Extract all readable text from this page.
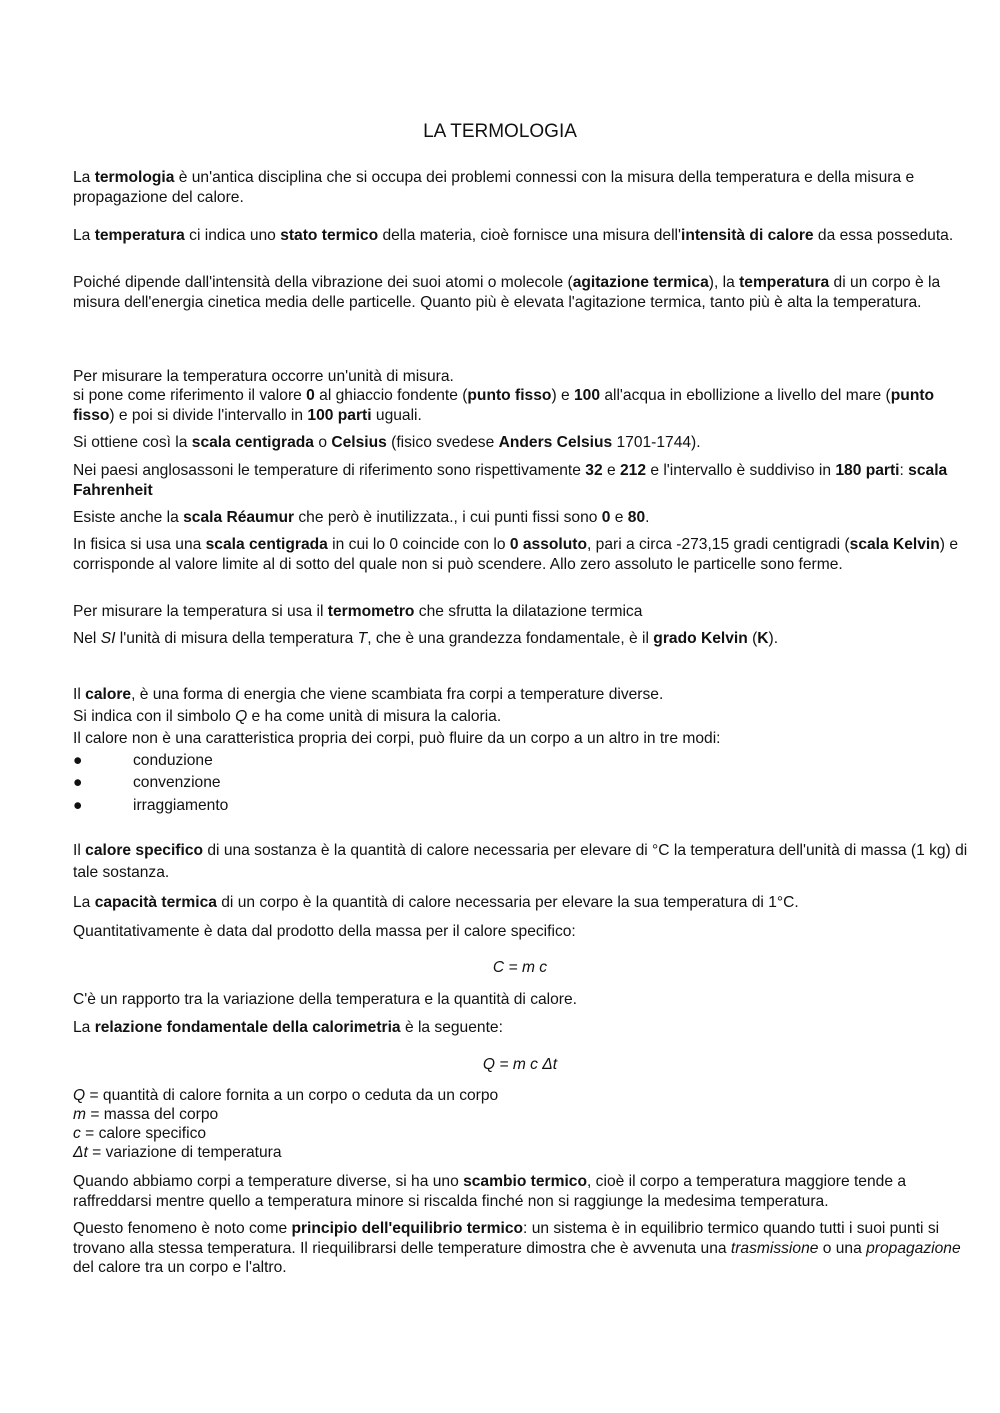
LA TERMOLOGIA

La termologia è un'antica disciplina che si occupa dei problemi connessi con la misura della temperatura e della misura e propagazione del calore.

La temperatura ci indica uno stato termico della materia, cioè fornisce una misura dell'intensità di calore da essa posseduta.

Poiché dipende dall'intensità della vibrazione dei suoi atomi o molecole (agitazione termica), la temperatura di un corpo è la misura dell'energia cinetica media delle particelle. Quanto più è elevata l'agitazione termica, tanto più è alta la temperatura.

Per misurare la temperatura occorre un'unità di misura.

si pone come riferimento il valore 0 al ghiaccio fondente (punto fisso) e 100 all'acqua in ebollizione a livello del mare (punto fisso) e poi si divide l'intervallo in 100 parti uguali.

Si ottiene così la scala centigrada o Celsius (fisico svedese Anders Celsius 1701-1744).

Nei paesi anglosassoni le temperature di riferimento sono rispettivamente 32 e 212 e l'intervallo è suddiviso in 180 parti: scala Fahrenheit

Esiste anche la scala Réaumur che però è inutilizzata., i cui punti fissi sono 0 e 80.

In fisica si usa una scala centigrada in cui lo 0 coincide con lo 0 assoluto, pari a circa -273,15 gradi centigradi (scala Kelvin) e corrisponde al valore limite al di sotto del quale non si può scendere. Allo zero assoluto le particelle sono ferme.

Per misurare la temperatura si usa il termometro che sfrutta la dilatazione termica

Nel SI l'unità di misura della temperatura T, che è una grandezza fondamentale, è il grado Kelvin (K).

Il calore, è una forma di energia che viene scambiata fra corpi a temperature diverse.

Si indica con il simbolo Q e ha come unità di misura la caloria.

Il calore non è una caratteristica propria dei corpi, può fluire da un corpo a un altro in tre modi:

●	conduzione
●	convenzione
●	irraggiamento

Il calore specifico di una sostanza è la quantità di calore necessaria per elevare di °C la temperatura dell'unità di massa (1 kg) di tale sostanza.

La capacità termica di un corpo è la quantità di calore necessaria per elevare la sua temperatura di 1°C.

Quantitativamente è data dal prodotto della massa per il calore specifico:

C = m c

C'è un rapporto tra la variazione della temperatura e la quantità di calore.

La relazione fondamentale della calorimetria è la seguente:

Q = m c Δt

Q = quantità di calore fornita a un corpo o ceduta da un corpo

m = massa del corpo

c = calore specifico

Δt = variazione di temperatura

Quando abbiamo corpi a temperature diverse, si ha uno scambio termico, cioè il corpo a temperatura maggiore tende a raffreddarsi mentre quello a temperatura minore si riscalda finché non si raggiunge la medesima temperatura.

Questo fenomeno è noto come principio dell'equilibrio termico: un sistema è in equilibrio termico quando tutti i suoi punti si trovano alla stessa temperatura. Il riequilibrarsi delle temperature dimostra che è avvenuta una trasmissione o una propagazione del calore tra un corpo e l'altro.
